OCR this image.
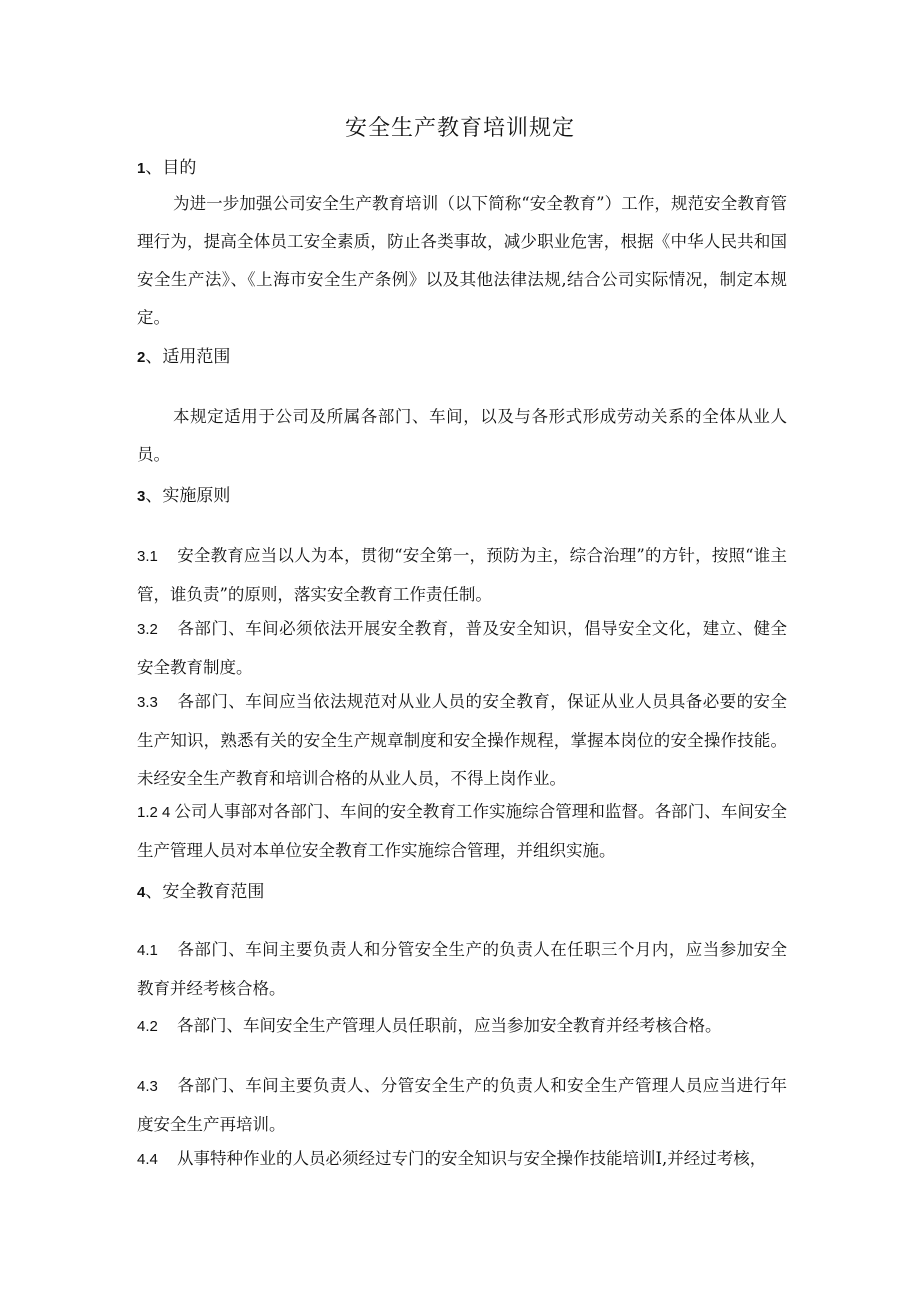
安全生产教育培训规定
1、目的
为进一步加强公司安全生产教育培训（以下简称“安全教育”）工作，规范安全教育管理行为，提高全体员工安全素质，防止各类事故，减少职业危害，根据《中华人民共和国安全生产法》、《上海市安全生产条例》以及其他法律法规,结合公司实际情况，制定本规定。
2、适用范围
本规定适用于公司及所属各部门、车间，以及与各形式形成劳动关系的全体从业人员。
3、实施原则
3.1 安全教育应当以人为本，贯彻“安全第一，预防为主，综合治理”的方针，按照“谁主管，谁负责”的原则，落实安全教育工作责任制。
3.2 各部门、车间必须依法开展安全教育，普及安全知识，倡导安全文化，建立、健全安全教育制度。
3.3 各部门、车间应当依法规范对从业人员的安全教育，保证从业人员具备必要的安全生产知识，熟悉有关的安全生产规章制度和安全操作规程，掌握本岗位的安全操作技能。未经安全生产教育和培训合格的从业人员，不得上岗作业。
1.2 4 公司人事部对各部门、车间的安全教育工作实施综合管理和监督。各部门、车间安全生产管理人员对本单位安全教育工作实施综合管理，并组织实施。
4、安全教育范围
4.1 各部门、车间主要负责人和分管安全生产的负责人在任职三个月内，应当参加安全教育并经考核合格。
4.2 各部门、车间安全生产管理人员任职前，应当参加安全教育并经考核合格。
4.3 各部门、车间主要负责人、分管安全生产的负责人和安全生产管理人员应当进行年度安全生产再培训。
4.4 从事特种作业的人员必须经过专门的安全知识与安全操作技能培训I,并经过考核，
